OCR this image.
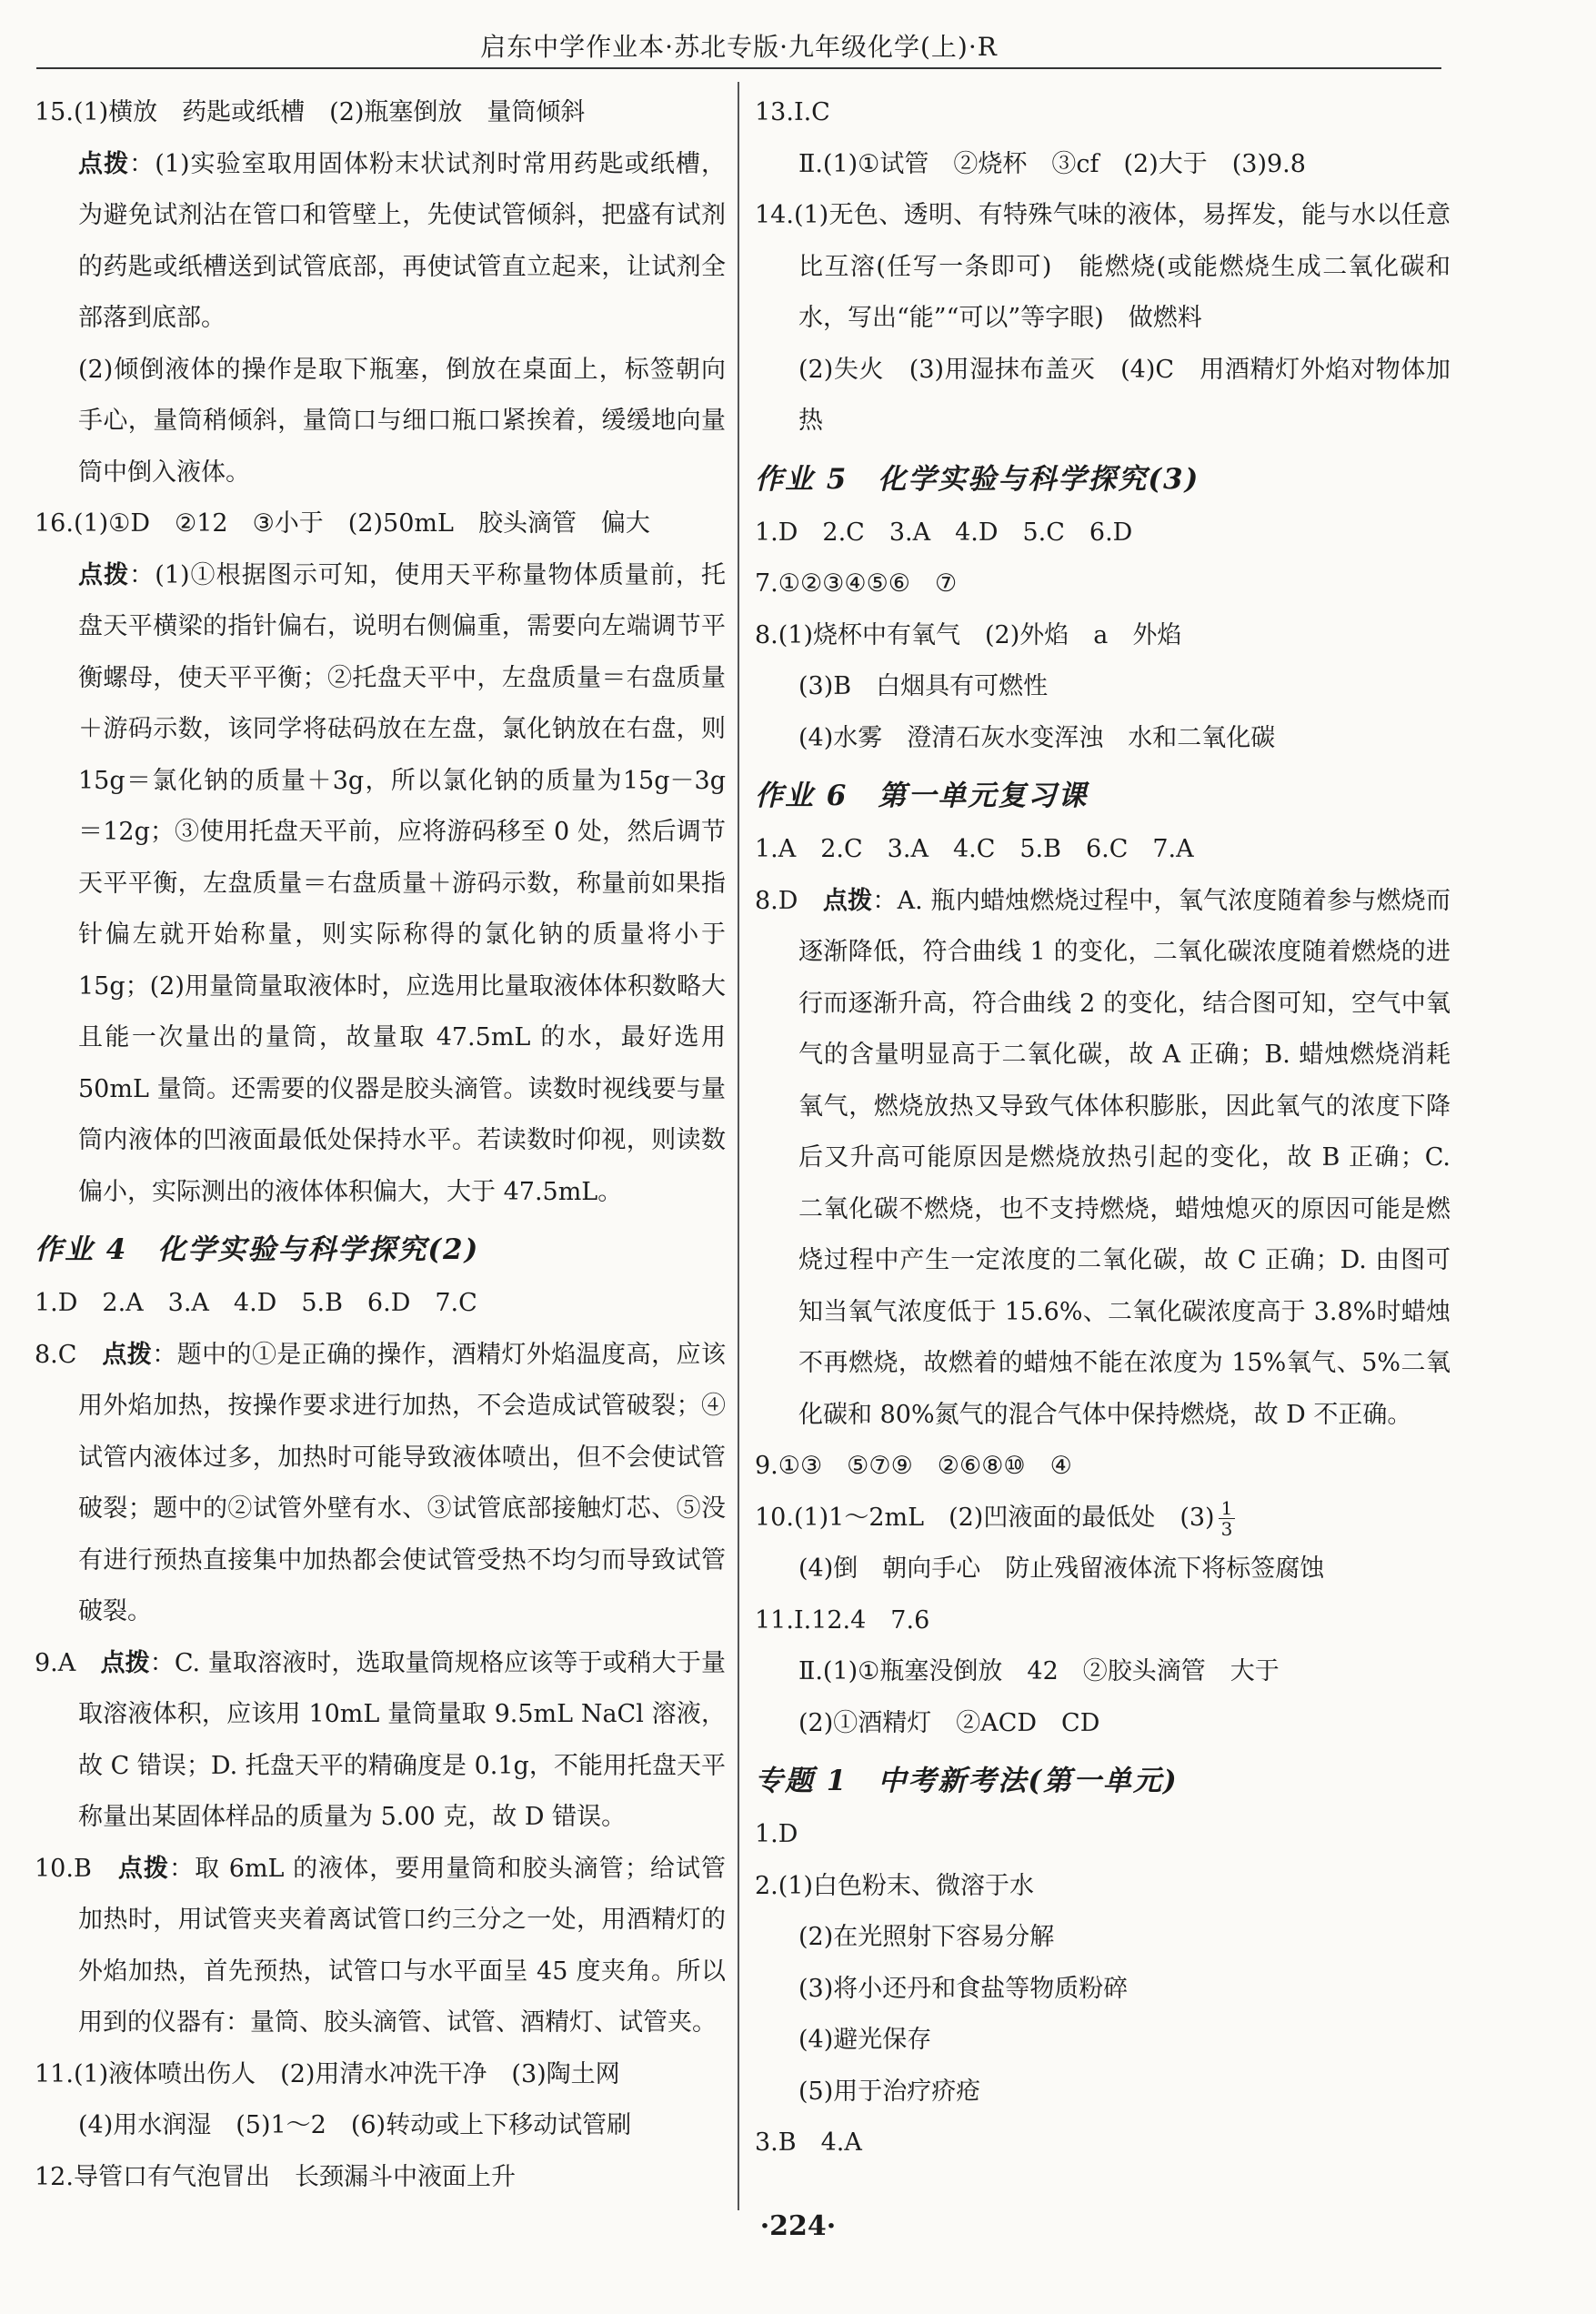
启东中学作业本·苏北专版·九年级化学(上)·R

15.(1)横放　药匙或纸槽　(2)瓶塞倒放　量筒倾斜

点拨：(1)实验室取用固体粉末状试剂时常用药匙或纸槽，为避免试剂沾在管口和管壁上，先使试管倾斜，把盛有试剂的药匙或纸槽送到试管底部，再使试管直立起来，让试剂全部落到底部。

(2)倾倒液体的操作是取下瓶塞，倒放在桌面上，标签朝向手心，量筒稍倾斜，量筒口与细口瓶口紧挨着，缓缓地向量筒中倒入液体。

16.(1)①D　②12　③小于　(2)50mL　胶头滴管　偏大

点拨：(1)①根据图示可知，使用天平称量物体质量前，托盘天平横梁的指针偏右，说明右侧偏重，需要向左端调节平衡螺母，使天平平衡；②托盘天平中，左盘质量＝右盘质量＋游码示数，该同学将砝码放在左盘，氯化钠放在右盘，则 15g＝氯化钠的质量＋3g，所以氯化钠的质量为15g－3g＝12g；③使用托盘天平前，应将游码移至 0 处，然后调节天平平衡，左盘质量＝右盘质量＋游码示数，称量前如果指针偏左就开始称量，则实际称得的氯化钠的质量将小于 15g；(2)用量筒量取液体时，应选用比量取液体体积数略大且能一次量出的量筒，故量取 47.5mL 的水，最好选用 50mL 量筒。还需要的仪器是胶头滴管。读数时视线要与量筒内液体的凹液面最低处保持水平。若读数时仰视，则读数偏小，实际测出的液体体积偏大，大于 47.5mL。

作业 4　化学实验与科学探究(2)

1.D　2.A　3.A　4.D　5.B　6.D　7.C

8.C　点拨：题中的①是正确的操作，酒精灯外焰温度高，应该用外焰加热，按操作要求进行加热，不会造成试管破裂；④试管内液体过多，加热时可能导致液体喷出，但不会使试管破裂；题中的②试管外壁有水、③试管底部接触灯芯、⑤没有进行预热直接集中加热都会使试管受热不均匀而导致试管破裂。

9.A　点拨：C. 量取溶液时，选取量筒规格应该等于或稍大于量取溶液体积，应该用 10mL 量筒量取 9.5mL NaCl 溶液，故 C 错误；D. 托盘天平的精确度是 0.1g，不能用托盘天平称量出某固体样品的质量为 5.00 克，故 D 错误。

10.B　点拨：取 6mL 的液体，要用量筒和胶头滴管；给试管加热时，用试管夹夹着离试管口约三分之一处，用酒精灯的外焰加热，首先预热，试管口与水平面呈 45 度夹角。所以用到的仪器有：量筒、胶头滴管、试管、酒精灯、试管夹。

11.(1)液体喷出伤人　(2)用清水冲洗干净　(3)陶土网

(4)用水润湿　(5)1～2　(6)转动或上下移动试管刷

12.导管口有气泡冒出　长颈漏斗中液面上升

13.Ⅰ.C

Ⅱ.(1)①试管　②烧杯　③cf　(2)大于　(3)9.8

14.(1)无色、透明、有特殊气味的液体，易挥发，能与水以任意比互溶(任写一条即可)　能燃烧(或能燃烧生成二氧化碳和水，写出“能”“可以”等字眼)　做燃料

(2)失火　(3)用湿抹布盖灭　(4)C　用酒精灯外焰对物体加热

作业 5　化学实验与科学探究(3)

1.D　2.C　3.A　4.D　5.C　6.D

7.①②③④⑤⑥　⑦

8.(1)烧杯中有氧气　(2)外焰　a　外焰

(3)B　白烟具有可燃性

(4)水雾　澄清石灰水变浑浊　水和二氧化碳

作业 6　第一单元复习课

1.A　2.C　3.A　4.C　5.B　6.C　7.A

8.D　点拨：A. 瓶内蜡烛燃烧过程中，氧气浓度随着参与燃烧而逐渐降低，符合曲线 1 的变化，二氧化碳浓度随着燃烧的进行而逐渐升高，符合曲线 2 的变化，结合图可知，空气中氧气的含量明显高于二氧化碳，故 A 正确；B. 蜡烛燃烧消耗氧气，燃烧放热又导致气体体积膨胀，因此氧气的浓度下降后又升高可能原因是燃烧放热引起的变化，故 B 正确；C. 二氧化碳不燃烧，也不支持燃烧，蜡烛熄灭的原因可能是燃烧过程中产生一定浓度的二氧化碳，故 C 正确；D. 由图可知当氧气浓度低于 15.6%、二氧化碳浓度高于 3.8%时蜡烛不再燃烧，故燃着的蜡烛不能在浓度为 15%氧气、5%二氧化碳和 80%氮气的混合气体中保持燃烧，故 D 不正确。

9.①③　⑤⑦⑨　②⑥⑧⑩　④

10.(1)1～2mL　(2)凹液面的最低处　$(3) \frac{1}{3}$

(4)倒　朝向手心　防止残留液体流下将标签腐蚀

11.Ⅰ.12.4　7.6

Ⅱ.(1)①瓶塞没倒放　42　②胶头滴管　大于

(2)①酒精灯　②ACD　CD

专题 1　中考新考法(第一单元)

1.D

2.(1)白色粉末、微溶于水

(2)在光照射下容易分解

(3)将小还丹和食盐等物质粉碎

(4)避光保存

(5)用于治疗疥疮

3.B　4.A

·224·
